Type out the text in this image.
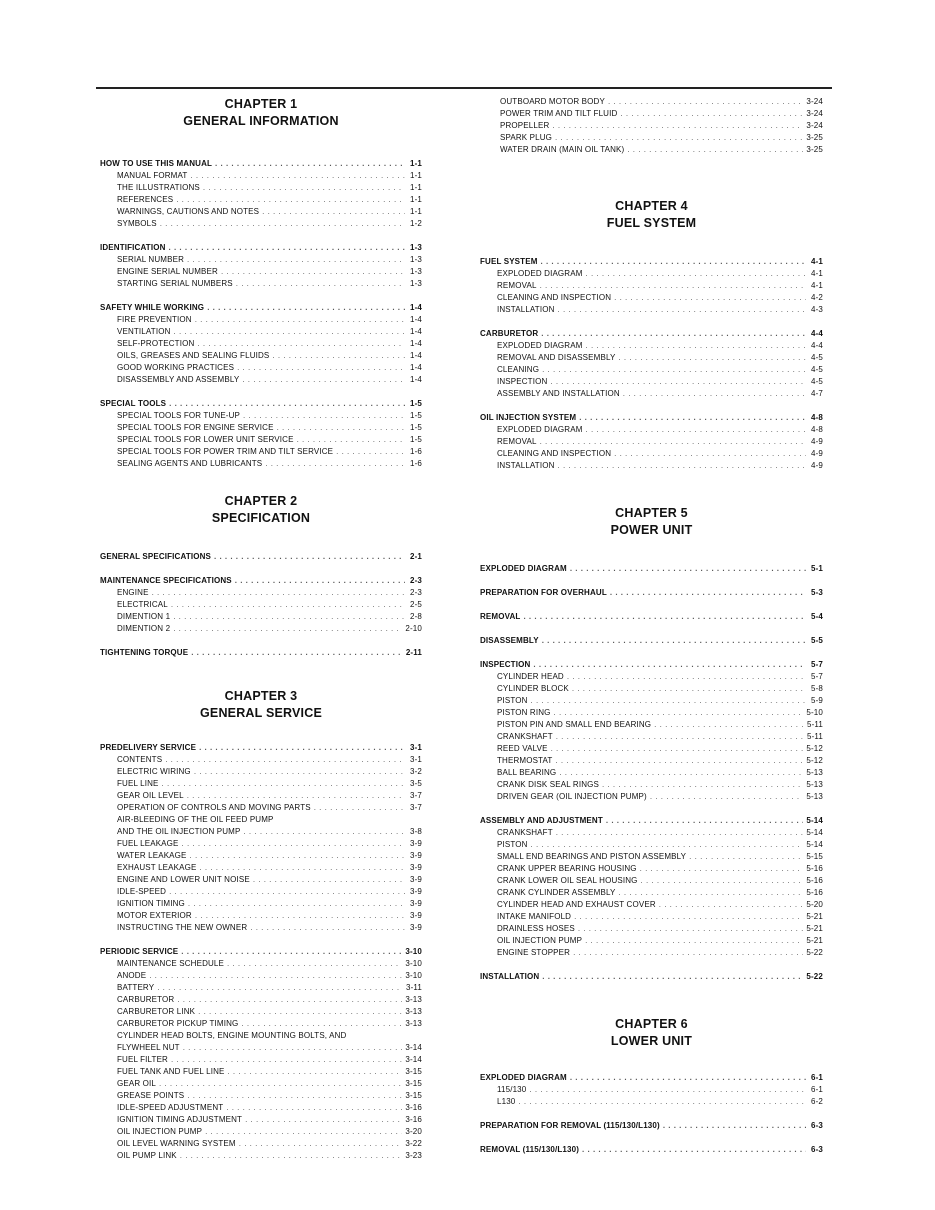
CHAPTER 1
GENERAL INFORMATION
HOW TO USE THIS MANUAL . . .	1-1
MANUAL FORMAT . . .	1-1
THE ILLUSTRATIONS . . .	1-1
REFERENCES . . .	1-1
WARNINGS, CAUTIONS AND NOTES . . .	1-1
SYMBOLS . . .	1-2
IDENTIFICATION . . .	1-3
SERIAL NUMBER . . .	1-3
ENGINE SERIAL NUMBER . . .	1-3
STARTING SERIAL NUMBERS . . .	1-3
SAFETY WHILE WORKING . . .	1-4
FIRE PREVENTION . . .	1-4
VENTILATION . . .	1-4
SELF-PROTECTION . . .	1-4
OILS, GREASES AND SEALING FLUIDS . . .	1-4
GOOD WORKING PRACTICES . . .	1-4
DISASSEMBLY AND ASSEMBLY . . .	1-4
SPECIAL TOOLS . . .	1-5
SPECIAL TOOLS FOR TUNE-UP . . .	1-5
SPECIAL TOOLS FOR ENGINE SERVICE . . .	1-5
SPECIAL TOOLS FOR LOWER UNIT SERVICE . . .	1-5
SPECIAL TOOLS FOR POWER TRIM AND TILT SERVICE . . .	1-6
SEALING AGENTS AND LUBRICANTS . . .	1-6
CHAPTER 2
SPECIFICATION
GENERAL SPECIFICATIONS . . .	2-1
MAINTENANCE SPECIFICATIONS . . .	2-3
ENGINE . . .	2-3
ELECTRICAL . . .	2-5
DIMENTION 1 . . .	2-8
DIMENTION 2 . . .	2-10
TIGHTENING TORQUE . . .	2-11
CHAPTER 3
GENERAL SERVICE
PREDELIVERY SERVICE . . .	3-1
CONTENTS . . .	3-1
ELECTRIC WIRING . . .	3-2
FUEL LINE . . .	3-5
GEAR OIL LEVEL . . .	3-7
OPERATION OF CONTROLS AND MOVING PARTS . . .	3-7
AIR-BLEEDING OF THE OIL FEED PUMP
AND THE OIL INJECTION PUMP . . .	3-8
FUEL LEAKAGE . . .	3-9
WATER LEAKAGE . . .	3-9
EXHAUST LEAKAGE . . .	3-9
ENGINE AND LOWER UNIT NOISE . . .	3-9
IDLE-SPEED . . .	3-9
IGNITION TIMING . . .	3-9
MOTOR EXTERIOR . . .	3-9
INSTRUCTING THE NEW OWNER . . .	3-9
PERIODIC SERVICE . . .	3-10
MAINTENANCE SCHEDULE . . .	3-10
ANODE . . .	3-10
BATTERY . . .	3-11
CARBURETOR . . .	3-13
CARBURETOR LINK . . .	3-13
CARBURETOR PICKUP TIMING . . .	3-13
CYLINDER HEAD BOLTS, ENGINE MOUNTING BOLTS, AND
FLYWHEEL NUT . . .	3-14
FUEL FILTER . . .	3-14
FUEL TANK AND FUEL LINE . . .	3-15
GEAR OIL . . .	3-15
GREASE POINTS . . .	3-15
IDLE-SPEED ADJUSTMENT . . .	3-16
IGNITION TIMING ADJUSTMENT . . .	3-16
OIL INJECTION PUMP . . .	3-20
OIL LEVEL WARNING SYSTEM . . .	3-22
OIL PUMP LINK . . .	3-23
OUTBOARD MOTOR BODY . . .	3-24
POWER TRIM AND TILT FLUID . . .	3-24
PROPELLER . . .	3-24
SPARK PLUG . . .	3-25
WATER DRAIN (MAIN OIL TANK) . . .	3-25
CHAPTER 4
FUEL SYSTEM
FUEL SYSTEM . . .	4-1
EXPLODED DIAGRAM . . .	4-1
REMOVAL . . .	4-1
CLEANING AND INSPECTION . . .	4-2
INSTALLATION . . .	4-3
CARBURETOR . . .	4-4
EXPLODED DIAGRAM . . .	4-4
REMOVAL AND DISASSEMBLY . . .	4-5
CLEANING . . .	4-5
INSPECTION . . .	4-5
ASSEMBLY AND INSTALLATION . . .	4-7
OIL INJECTION SYSTEM . . .	4-8
EXPLODED DIAGRAM . . .	4-8
REMOVAL . . .	4-9
CLEANING AND INSPECTION . . .	4-9
INSTALLATION . . .	4-9
CHAPTER 5
POWER UNIT
EXPLODED DIAGRAM . . .	5-1
PREPARATION FOR OVERHAUL . . .	5-3
REMOVAL . . .	5-4
DISASSEMBLY . . .	5-5
INSPECTION . . .	5-7
CYLINDER HEAD . . .	5-7
CYLINDER BLOCK . . .	5-8
PISTON . . .	5-9
PISTON RING . . .	5-10
PISTON PIN AND SMALL END BEARING . . .	5-11
CRANKSHAFT . . .	5-11
REED VALVE . . .	5-12
THERMOSTAT . . .	5-12
BALL BEARING . . .	5-13
CRANK DISK SEAL RINGS . . .	5-13
DRIVEN GEAR (OIL INJECTION PUMP) . . .	5-13
ASSEMBLY AND ADJUSTMENT . . .	5-14
CRANKSHAFT . . .	5-14
PISTON . . .	5-14
SMALL END BEARINGS AND PISTON ASSEMBLY . . .	5-15
CRANK UPPER BEARING HOUSING . . .	5-16
CRANK LOWER OIL SEAL HOUSING . . .	5-16
CRANK CYLINDER ASSEMBLY . . .	5-16
CYLINDER HEAD AND EXHAUST COVER . . .	5-20
INTAKE MANIFOLD . . .	5-21
DRAINLESS HOSES . . .	5-21
OIL INJECTION PUMP . . .	5-21
ENGINE STOPPER . . .	5-22
INSTALLATION . . .	5-22
CHAPTER 6
LOWER UNIT
EXPLODED DIAGRAM . . .	6-1
115/130 . . .	6-1
L130 . . .	6-2
PREPARATION FOR REMOVAL (115/130/L130) . . .	6-3
REMOVAL (115/130/L130) . . .	6-3
